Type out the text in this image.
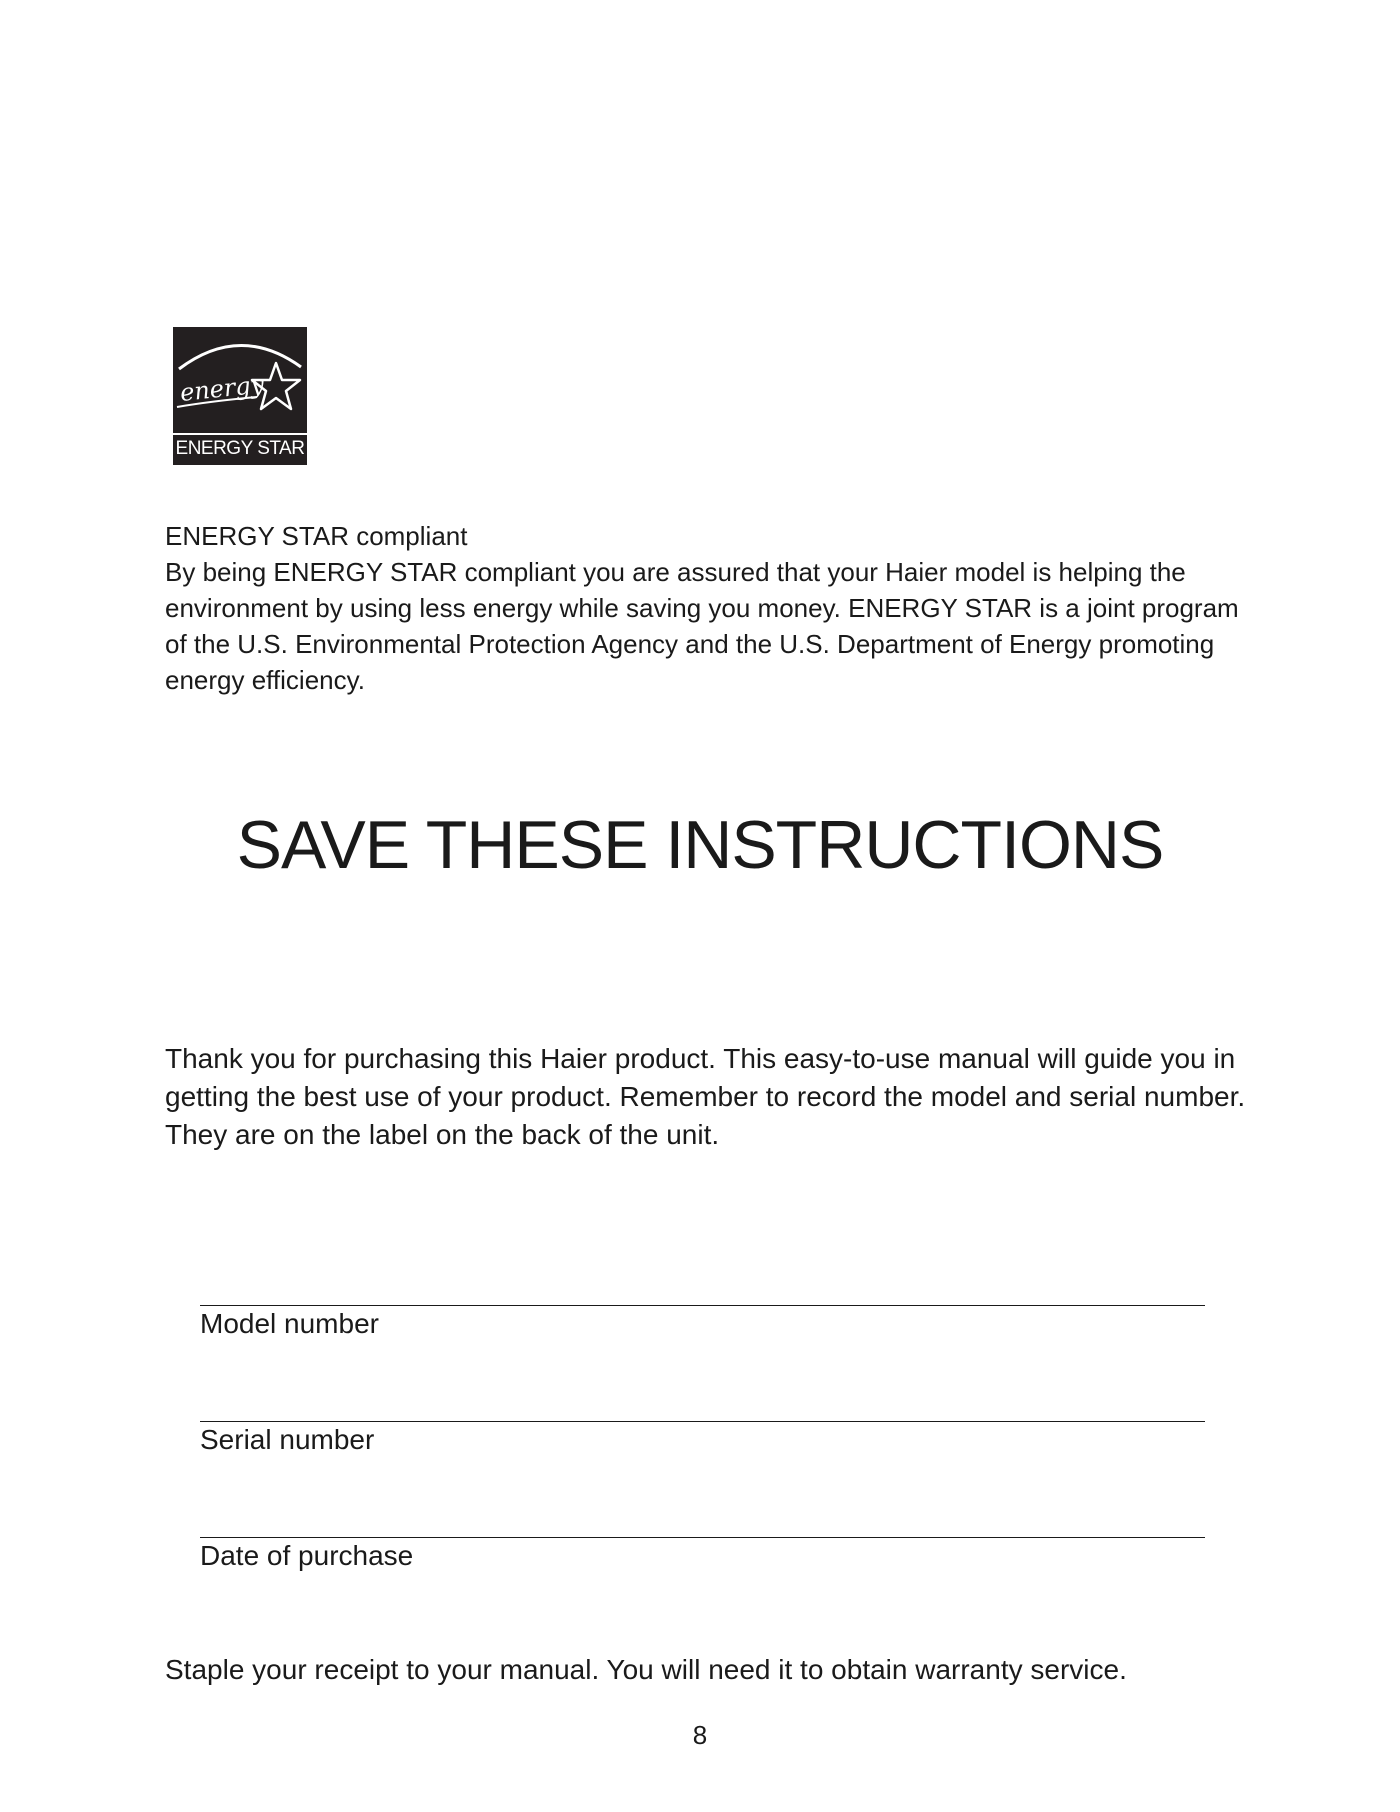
energy
ENERGY STAR

ENERGY STAR compliant

By being ENERGY STAR compliant you are assured that your Haier model is helping the environment by using less energy while saving you money. ENERGY STAR is a joint program of the U.S. Environmental Protection Agency and the U.S. Department of Energy promoting energy efficiency.

SAVE THESE INSTRUCTIONS

Thank you for purchasing this Haier product. This easy-to-use manual will guide you in getting the best use of your product. Remember to record the model and serial number. They are on the label on the back of the unit.

Model number
Serial number
Date of purchase

Staple your receipt to your manual. You will need it to obtain warranty service.

8
